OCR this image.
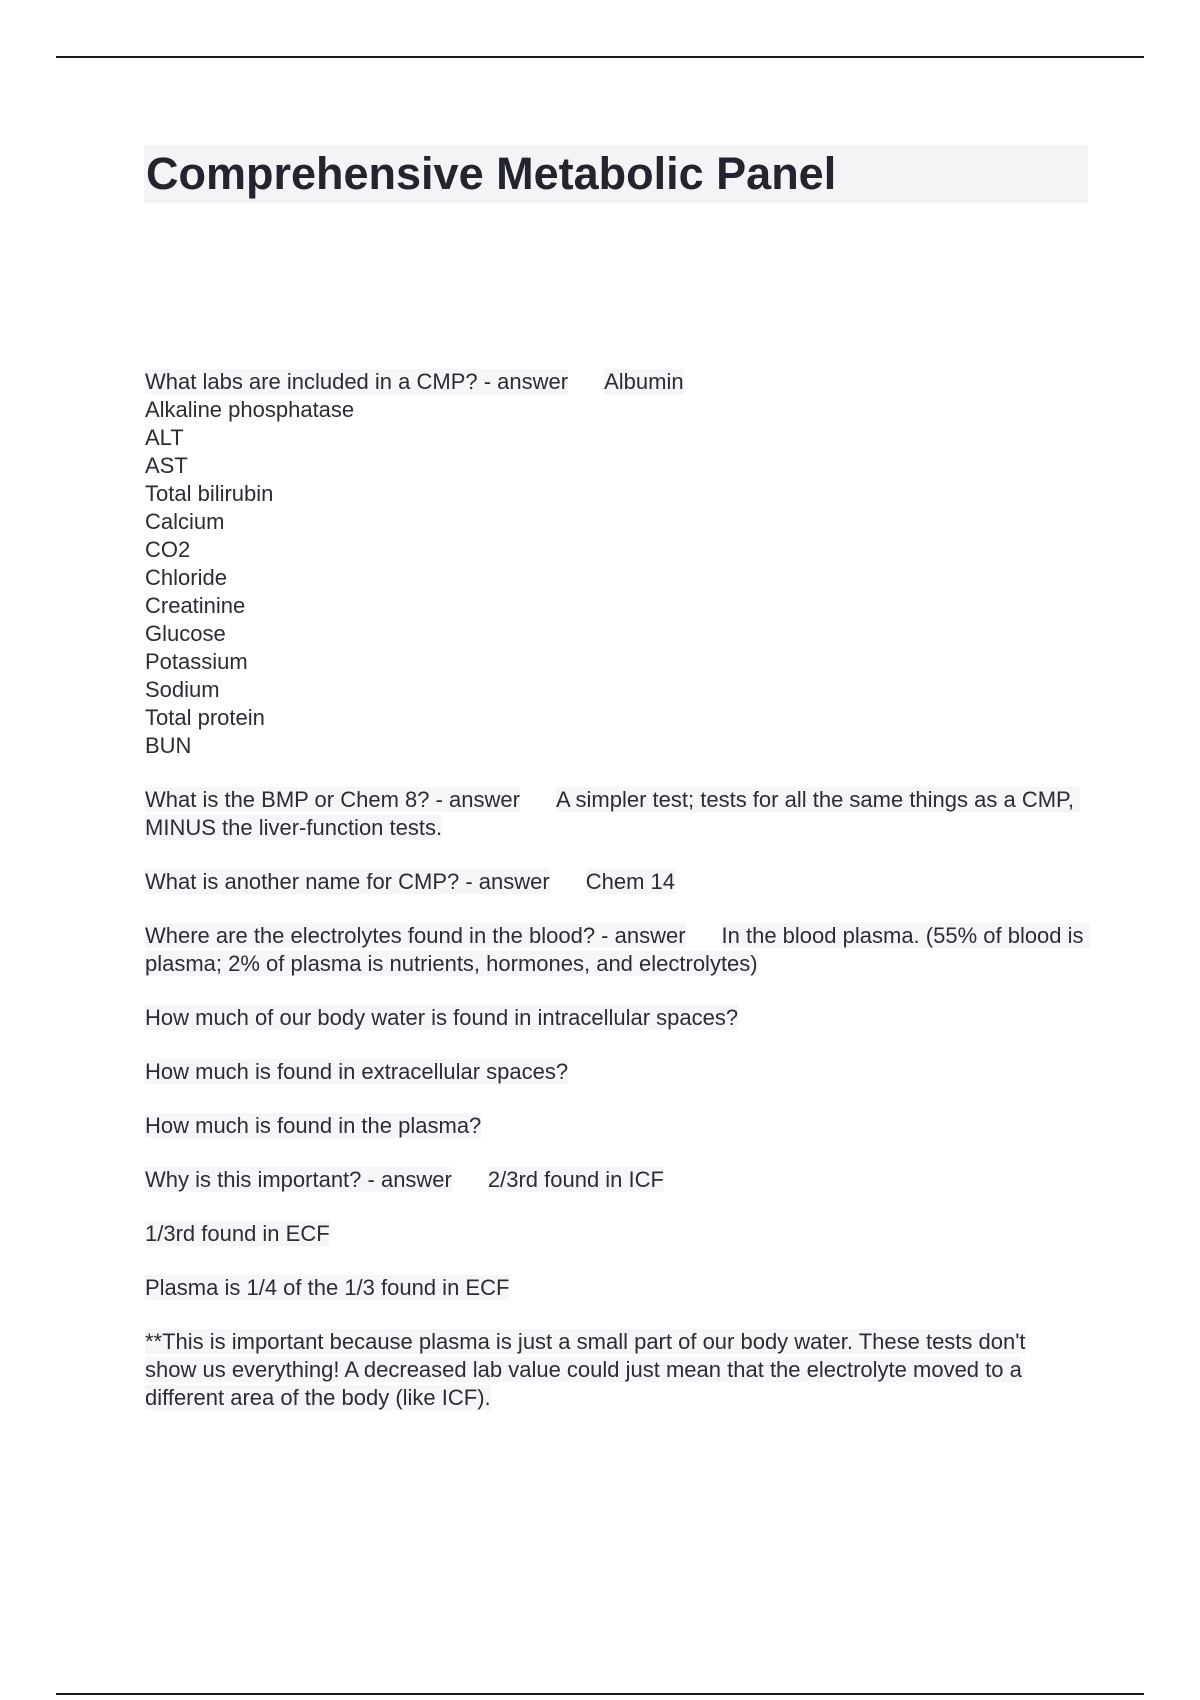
Comprehensive Metabolic Panel
What labs are included in a CMP? - answer Albumin
Alkaline phosphatase
ALT
AST
Total bilirubin
Calcium
CO2
Chloride
Creatinine
Glucose
Potassium
Sodium
Total protein
BUN
What is the BMP or Chem 8? - answer A simpler test; tests for all the same things as a CMP, MINUS the liver-function tests.
What is another name for CMP? - answer Chem 14
Where are the electrolytes found in the blood? - answer In the blood plasma. (55% of blood is plasma; 2% of plasma is nutrients, hormones, and electrolytes)
How much of our body water is found in intracellular spaces?
How much is found in extracellular spaces?
How much is found in the plasma?
Why is this important? - answer 2/3rd found in ICF
1/3rd found in ECF
Plasma is 1/4 of the 1/3 found in ECF
**This is important because plasma is just a small part of our body water. These tests don't show us everything! A decreased lab value could just mean that the electrolyte moved to a different area of the body (like ICF).
